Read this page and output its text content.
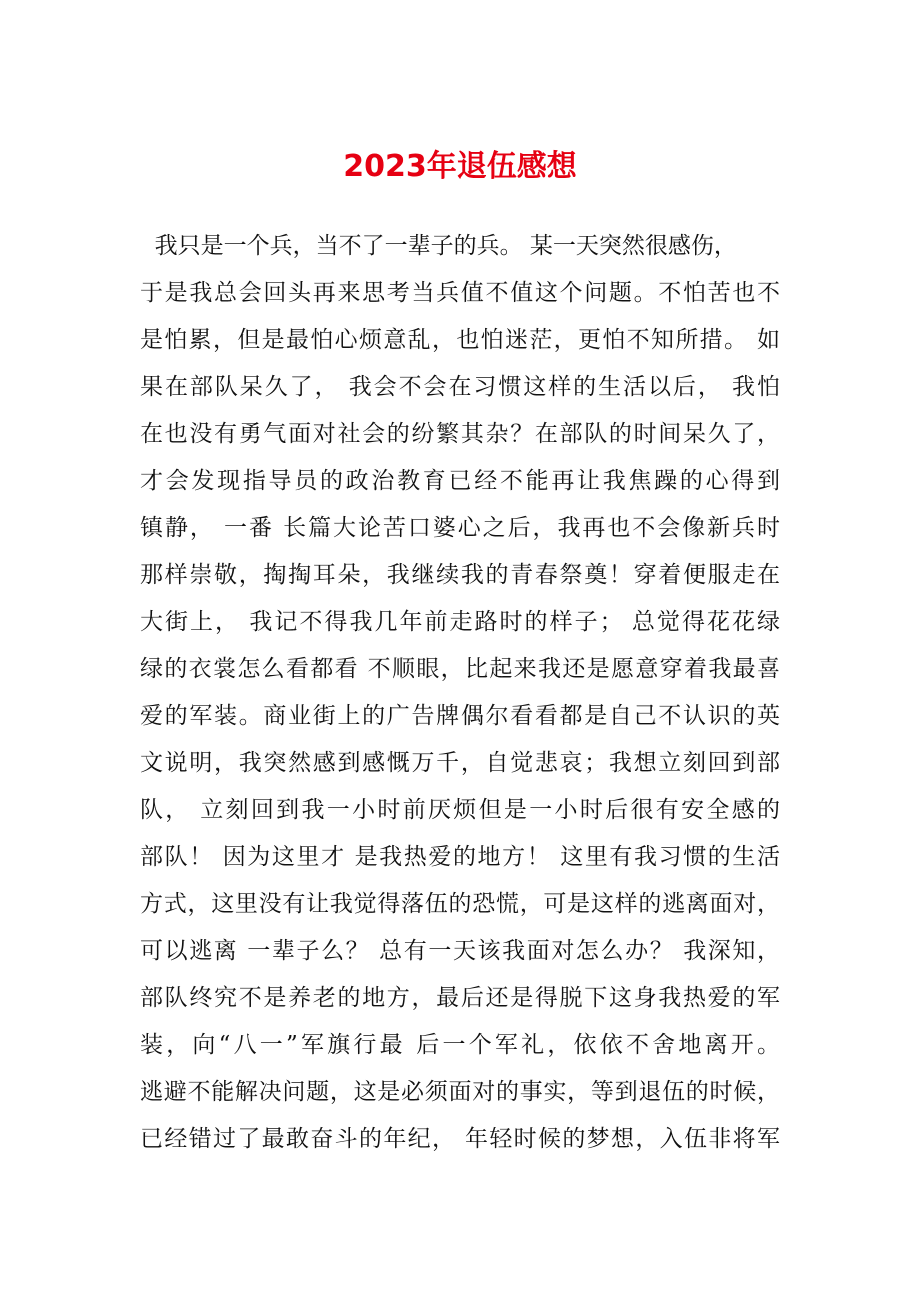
2023年退伍感想
我只是一个兵，当不了一辈子的兵。 某一天突然很感伤，
于是我总会回头再来思考当兵值不值这个问题。不怕苦也不
是怕累，但是最怕心烦意乱，也怕迷茫，更怕不知所措。 如
果在部队呆久了， 我会不会在习惯这样的生活以后， 我怕
在也没有勇气面对社会的纷繁其杂？在部队的时间呆久了，
才会发现指导员的政治教育已经不能再让我焦躁的心得到
镇静， 一番 长篇大论苦口婆心之后，我再也不会像新兵时
那样崇敬，掏掏耳朵，我继续我的青春祭奠！穿着便服走在
大街上， 我记不得我几年前走路时的样子； 总觉得花花绿
绿的衣裳怎么看都看 不顺眼，比起来我还是愿意穿着我最喜
爱的军装。商业街上的广告牌偶尔看看都是自己不认识的英
文说明，我突然感到感慨万千，自觉悲哀；我想立刻回到部
队， 立刻回到我一小时前厌烦但是一小时后很有安全感的
部队！ 因为这里才 是我热爱的地方！ 这里有我习惯的生活
方式，这里没有让我觉得落伍的恐慌，可是这样的逃离面对，
可以逃离 一辈子么？ 总有一天该我面对怎么办？ 我深知，
部队终究不是养老的地方，最后还是得脱下这身我热爱的军
装，向“八一”军旗行最 后一个军礼，依依不舍地离开。
逃避不能解决问题，这是必须面对的事实，等到退伍的时候，
已经错过了最敢奋斗的年纪， 年轻时候的梦想，入伍非将军
